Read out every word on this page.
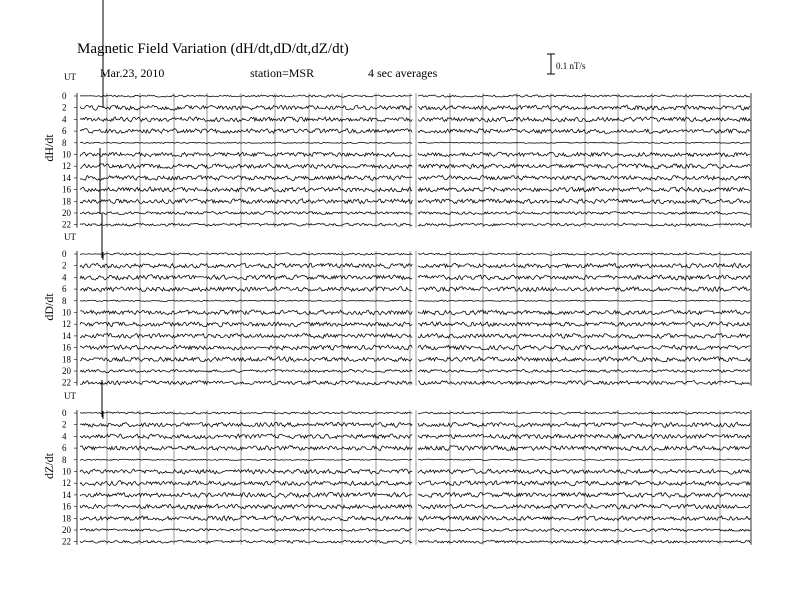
Magnetic Field Variation (dH/dt,dD/dt,dZ/dt)
Mar.23, 2010	station=MSR	4 sec averages	0.1 nT/s
UT
dH/dt
0
2
4
6
8
10
12
14
16
18
20
22
UT
dD/dt
0
2
4
6
8
10
12
14
16
18
20
22
UT
dZ/dt
0
2
4
6
8
10
12
14
16
18
20
22
